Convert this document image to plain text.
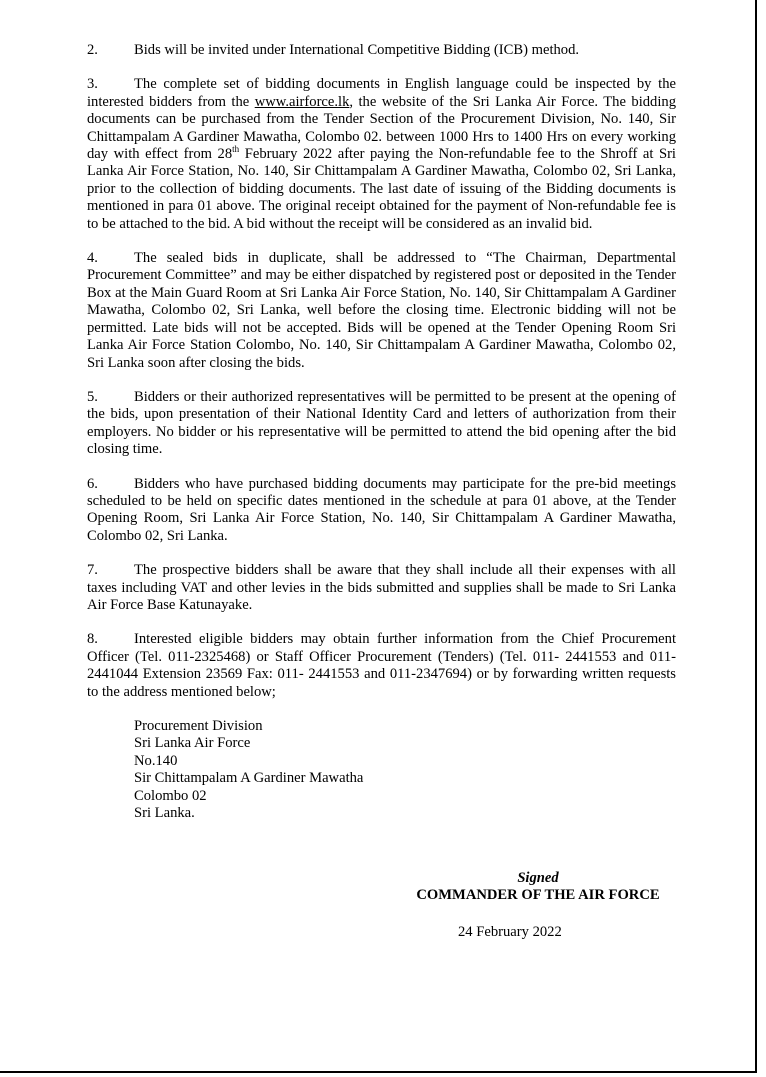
2. Bids will be invited under International Competitive Bidding (ICB) method.

3. The complete set of bidding documents in English language could be inspected by the interested bidders from the www.airforce.lk, the website of the Sri Lanka Air Force. The bidding documents can be purchased from the Tender Section of the Procurement Division, No. 140, Sir Chittampalam A Gardiner Mawatha, Colombo 02. between 1000 Hrs to 1400 Hrs on every working day with effect from 28th February 2022 after paying the Non-refundable fee to the Shroff at Sri Lanka Air Force Station, No. 140, Sir Chittampalam A Gardiner Mawatha, Colombo 02, Sri Lanka, prior to the collection of bidding documents. The last date of issuing of the Bidding documents is mentioned in para 01 above. The original receipt obtained for the payment of Non-refundable fee is to be attached to the bid. A bid without the receipt will be considered as an invalid bid.

4. The sealed bids in duplicate, shall be addressed to “The Chairman, Departmental Procurement Committee” and may be either dispatched by registered post or deposited in the Tender Box at the Main Guard Room at Sri Lanka Air Force Station, No. 140, Sir Chittampalam A Gardiner Mawatha, Colombo 02, Sri Lanka, well before the closing time. Electronic bidding will not be permitted. Late bids will not be accepted. Bids will be opened at the Tender Opening Room Sri Lanka Air Force Station Colombo, No. 140, Sir Chittampalam A Gardiner Mawatha, Colombo 02, Sri Lanka soon after closing the bids.

5. Bidders or their authorized representatives will be permitted to be present at the opening of the bids, upon presentation of their National Identity Card and letters of authorization from their employers. No bidder or his representative will be permitted to attend the bid opening after the bid closing time.

6. Bidders who have purchased bidding documents may participate for the pre-bid meetings scheduled to be held on specific dates mentioned in the schedule at para 01 above, at the Tender Opening Room, Sri Lanka Air Force Station, No. 140, Sir Chittampalam A Gardiner Mawatha, Colombo 02, Sri Lanka.

7. The prospective bidders shall be aware that they shall include all their expenses with all taxes including VAT and other levies in the bids submitted and supplies shall be made to Sri Lanka Air Force Base Katunayake.

8. Interested eligible bidders may obtain further information from the Chief Procurement Officer (Tel. 011-2325468) or Staff Officer Procurement (Tenders) (Tel. 011- 2441553 and 011-2441044 Extension 23569 Fax: 011- 2441553 and 011-2347694) or by forwarding written requests to the address mentioned below;

Procurement Division
Sri Lanka Air Force
No.140
Sir Chittampalam A Gardiner Mawatha
Colombo 02
Sri Lanka.
Signed
COMMANDER OF THE AIR FORCE
24 February 2022
